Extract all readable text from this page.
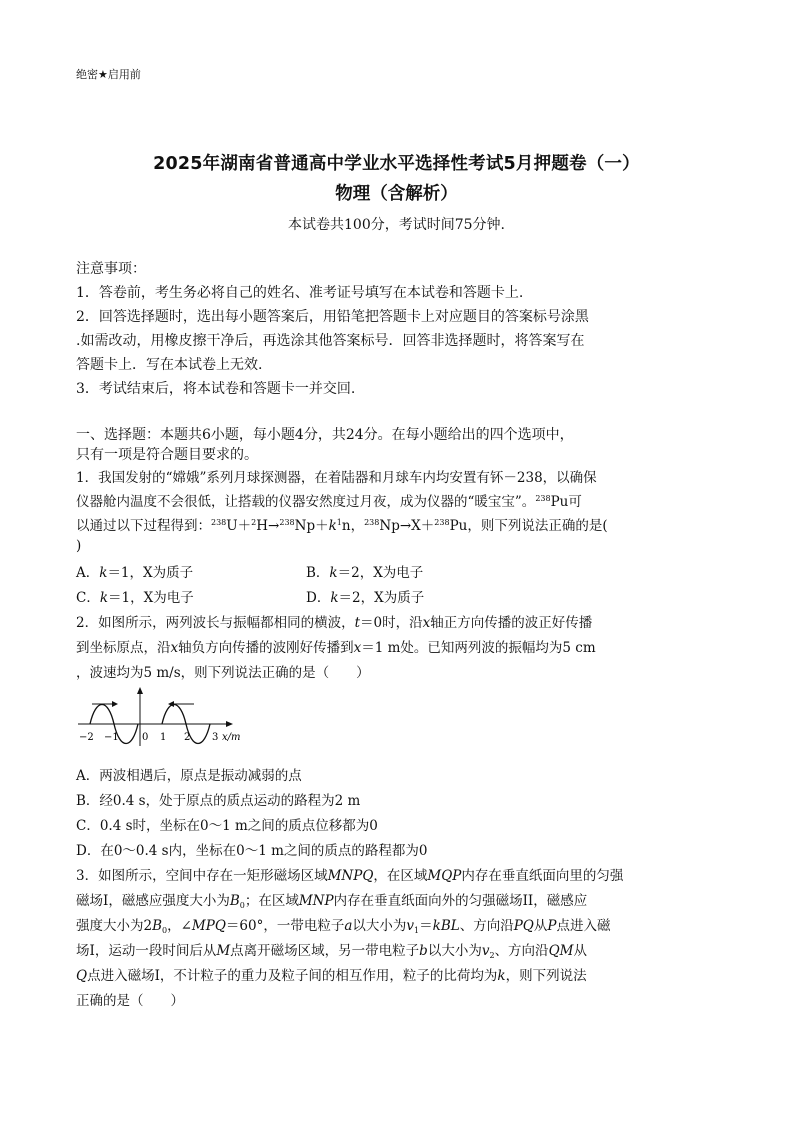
绝密★启用前
2025年湖南省普通高中学业水平选择性考试5月押题卷（一）
物理（含解析）
本试卷共100分，考试时间75分钟.
注意事项：
1．答卷前，考生务必将自己的姓名、准考证号填写在本试卷和答题卡上.
2．回答选择题时，选出每小题答案后，用铅笔把答题卡上对应题目的答案标号涂黑
.如需改动，用橡皮擦干净后，再选涂其他答案标号．回答非选择题时，将答案写在
答题卡上．写在本试卷上无效.
3．考试结束后，将本试卷和答题卡一并交回.
一、选择题：本题共6小题，每小题4分，共24分。在每小题给出的四个选项中，
只有一项是符合题目要求的。
1．我国发射的“嫦娥”系列月球探测器，在着陆器和月球车内均安置有钚－238，以确保
仪器舱内温度不会很低，让搭载的仪器安然度过月夜，成为仪器的“暖宝宝”。$^{238}$Pu可
以通过以下过程得到：$^{238}U+^2H\to^{238}Np+k^1n$，$^{238}$Np→X＋$^{238}$Pu，则下列说法正确的是(
)
A．k＝1，X为质子	B．k＝2，X为电子
C．k＝1，X为电子	D．k＝2，X为质子
2．如图所示，两列波长与振幅都相同的横波，t＝0时，沿x轴正方向传播的波正好传播
到坐标原点，沿x轴负方向传播的波刚好传播到x＝1 m处。已知两列波的振幅均为5 cm
，波速均为5 m/s，则下列说法正确的是（　　）
−2 −1 0 1 2 3 x/m
A．两波相遇后，原点是振动减弱的点
B．经0.4 s，处于原点的质点运动的路程为2 m
C．0.4 s时，坐标在0～1 m之间的质点位移都为0
D．在0～0.4 s内，坐标在0～1 m之间的质点的路程都为0
3．如图所示，空间中存在一矩形磁场区域MNPQ，在区域MQP内存在垂直纸面向里的匀强
磁场Ⅰ，磁感应强度大小为$B_0$；在区域MNP内存在垂直纸面向外的匀强磁场ⅠⅠ，磁感应
强度大小为$2B_0$，∠MPQ＝60°，一带电粒子a以大小为$v_1=kBL$、方向沿PQ从P点进入磁
场Ⅰ，运动一段时间后从M点离开磁场区域，另一带电粒子b以大小为$v_2$、方向沿QM从
Q点进入磁场Ⅰ，不计粒子的重力及粒子间的相互作用，粒子的比荷均为k，则下列说法
正确的是（　　）
